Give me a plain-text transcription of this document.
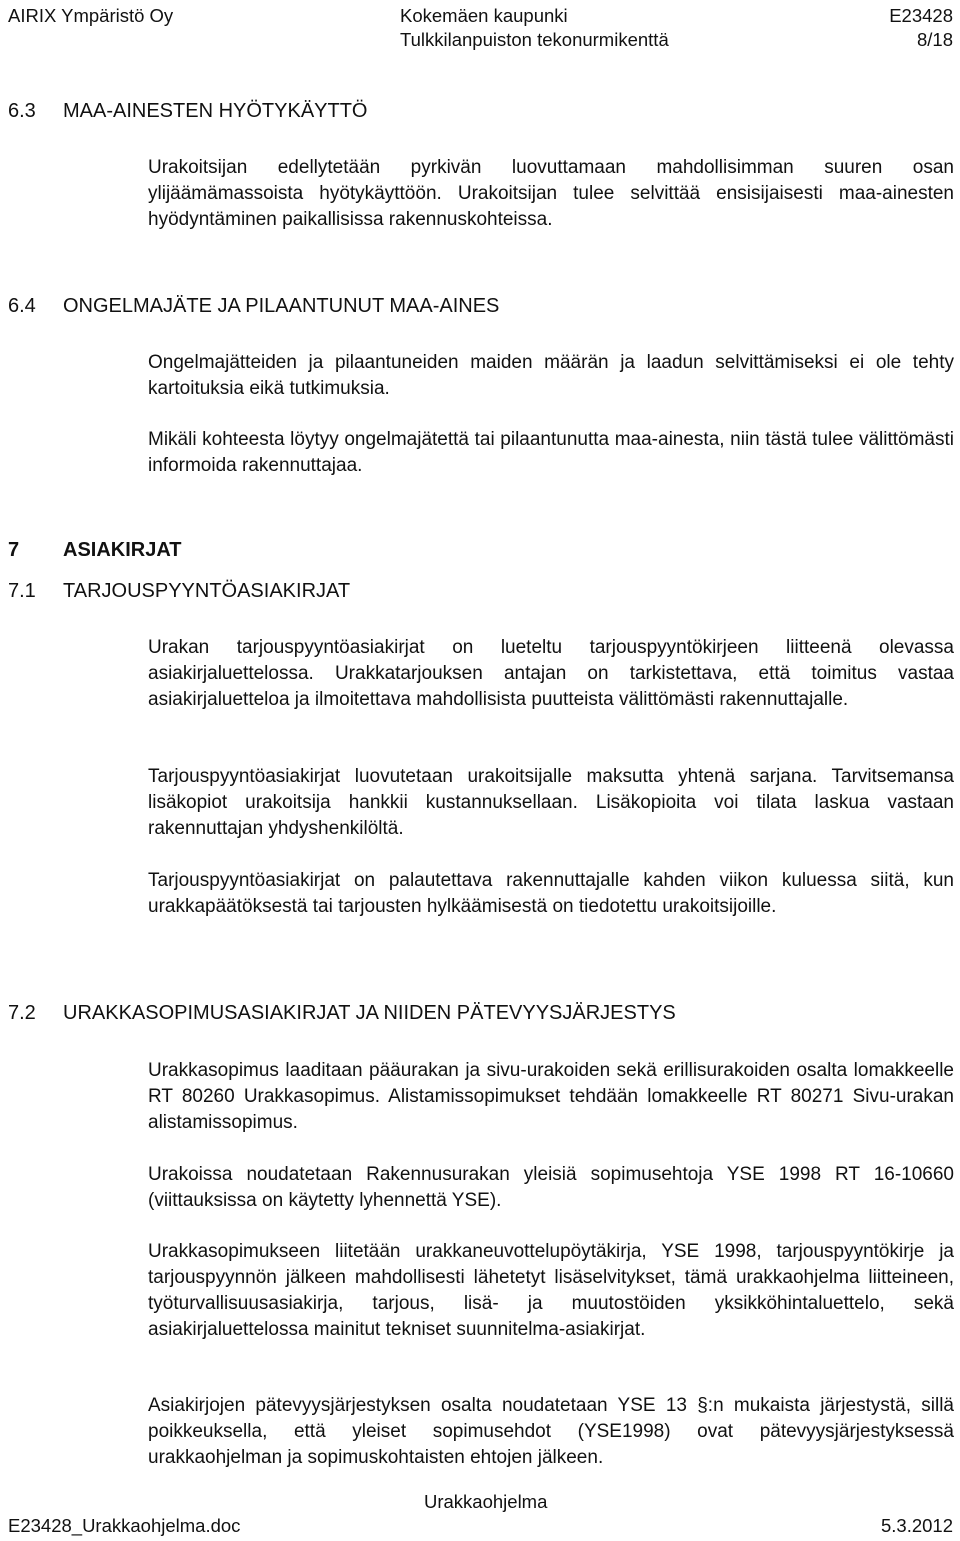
AIRIX Ympäristö Oy	Kokemäen kaupunki
Tulkkilanpuiston tekonurmikenttä
E23428
8/18
6.3 MAA-AINESTEN HYÖTYKÄYTTÖ

Urakoitsijan edellytetään pyrkivän luovuttamaan mahdollisimman suuren osan ylijäämämassoista hyötykäyttöön. Urakoitsijan tulee selvittää ensisijaisesti maa-ainesten hyödyntäminen paikallisissa rakennuskohteissa.

6.4 ONGELMAJÄTE JA PILAANTUNUT MAA-AINES

Ongelmajätteiden ja pilaantuneiden maiden määrän ja laadun selvittämiseksi ei ole tehty kartoituksia eikä tutkimuksia.

Mikäli kohteesta löytyy ongelmajätettä tai pilaantunutta maa-ainesta, niin tästä tulee välittömästi informoida rakennuttajaa.

7 ASIAKIRJAT
7.1 TARJOUSPYYNTÖASIAKIRJAT

Urakan tarjouspyyntöasiakirjat on lueteltu tarjouspyyntökirjeen liitteenä olevassa asiakirjaluettelossa. Urakkatarjouksen antajan on tarkistettava, että toimitus vastaa asiakirjaluetteloa ja ilmoitettava mahdollisista puutteista välittömästi rakennuttajalle.

Tarjouspyyntöasiakirjat luovutetaan urakoitsijalle maksutta yhtenä sarjana. Tarvitsemansa lisäkopiot urakoitsija hankkii kustannuksellaan. Lisäkopioita voi tilata laskua vastaan rakennuttajan yhdyshenkilöltä.

Tarjouspyyntöasiakirjat on palautettava rakennuttajalle kahden viikon kuluessa siitä, kun urakkapäätöksestä tai tarjousten hylkäämisestä on tiedotettu urakoitsijoille.

7.2 URAKKASOPIMUSASIAKIRJAT JA NIIDEN PÄTEVYYSJÄRJESTYS

Urakkasopimus laaditaan pääurakan ja sivu-urakoiden sekä erillisurakoiden osalta lomakkeelle RT 80260 Urakkasopimus. Alistamissopimukset tehdään lomakkeelle RT 80271 Sivu-urakan alistamissopimus.

Urakoissa noudatetaan Rakennusurakan yleisiä sopimusehtoja YSE 1998 RT 16-10660 (viittauksissa on käytetty lyhennettä YSE).

Urakkasopimukseen liitetään urakkaneuvottelupöytäkirja, YSE 1998, tarjouspyyntökirje ja tarjouspyynnön jälkeen mahdollisesti lähetetyt lisäselvitykset, tämä urakkaohjelma liitteineen, työturvallisuusasiakirja, tarjous, lisä- ja muutostöiden yksikköhintaluettelo, sekä asiakirjaluettelossa mainitut tekniset suunnitelma-asiakirjat.

Asiakirjojen pätevyysjärjestyksen osalta noudatetaan YSE 13 §:n mukaista järjestystä, sillä poikkeuksella, että yleiset sopimusehdot (YSE1998) ovat pätevyysjärjestyksessä urakkaohjelman ja sopimuskohtaisten ehtojen jälkeen.

Urakkaohjelma
E23428_Urakkaohjelma.doc	5.3.2012
